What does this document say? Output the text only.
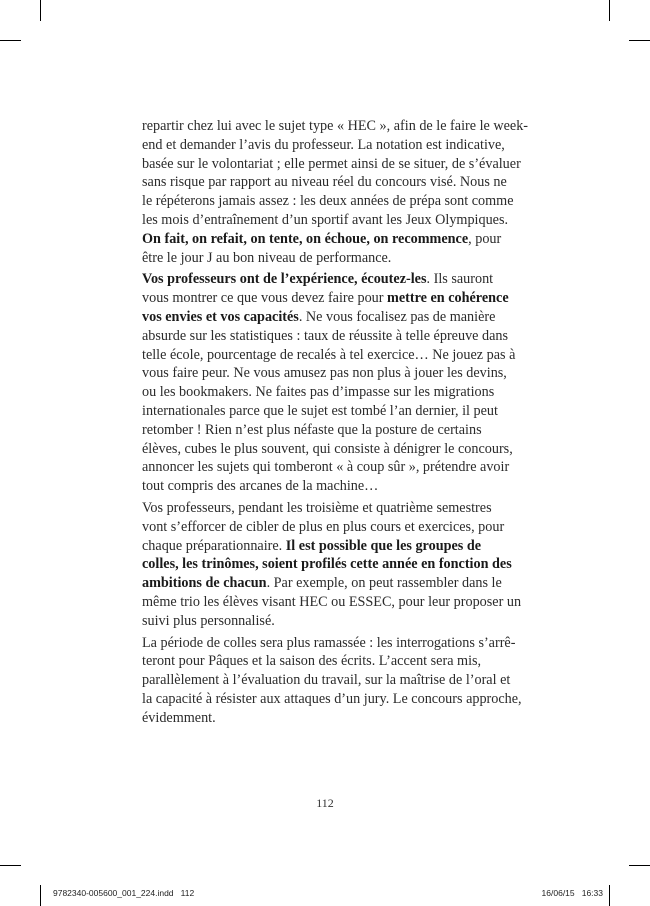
repartir chez lui avec le sujet type « HEC », afin de le faire le week-
end et demander l’avis du professeur. La notation est indicative,
basée sur le volontariat ; elle permet ainsi de se situer, de s’évaluer
sans risque par rapport au niveau réel du concours visé. Nous ne
le répéterons jamais assez : les deux années de prépa sont comme
les mois d’entraînement d’un sportif avant les Jeux Olympiques.
On fait, on refait, on tente, on échoue, on recommence, pour
être le jour J au bon niveau de performance.
Vos professeurs ont de l’expérience, écoutez-les. Ils sauront
vous montrer ce que vous devez faire pour mettre en cohérence
vos envies et vos capacités. Ne vous focalisez pas de manière
absurde sur les statistiques : taux de réussite à telle épreuve dans
telle école, pourcentage de recalés à tel exercice… Ne jouez pas à
vous faire peur. Ne vous amusez pas non plus à jouer les devins,
ou les bookmakers. Ne faites pas d’impasse sur les migrations
internationales parce que le sujet est tombé l’an dernier, il peut
retomber ! Rien n’est plus néfaste que la posture de certains
élèves, cubes le plus souvent, qui consiste à dénigrer le concours,
annoncer les sujets qui tomberont « à coup sûr », prétendre avoir
tout compris des arcanes de la machine…
Vos professeurs, pendant les troisième et quatrième semestres
vont s’efforcer de cibler de plus en plus cours et exercices, pour
chaque préparationnaire. Il est possible que les groupes de
colles, les trinômes, soient profilés cette année en fonction des
ambitions de chacun. Par exemple, on peut rassembler dans le
même trio les élèves visant HEC ou ESSEC, pour leur proposer un
suivi plus personnalisé.
La période de colles sera plus ramassée : les interrogations s’arrê-
teront pour Pâques et la saison des écrits. L’accent sera mis,
parallèlement à l’évaluation du travail, sur la maîtrise de l’oral et
la capacité à résister aux attaques d’un jury. Le concours approche,
évidemment.
112
9782340-005600_001_224.indd   112	16/06/15   16:33
